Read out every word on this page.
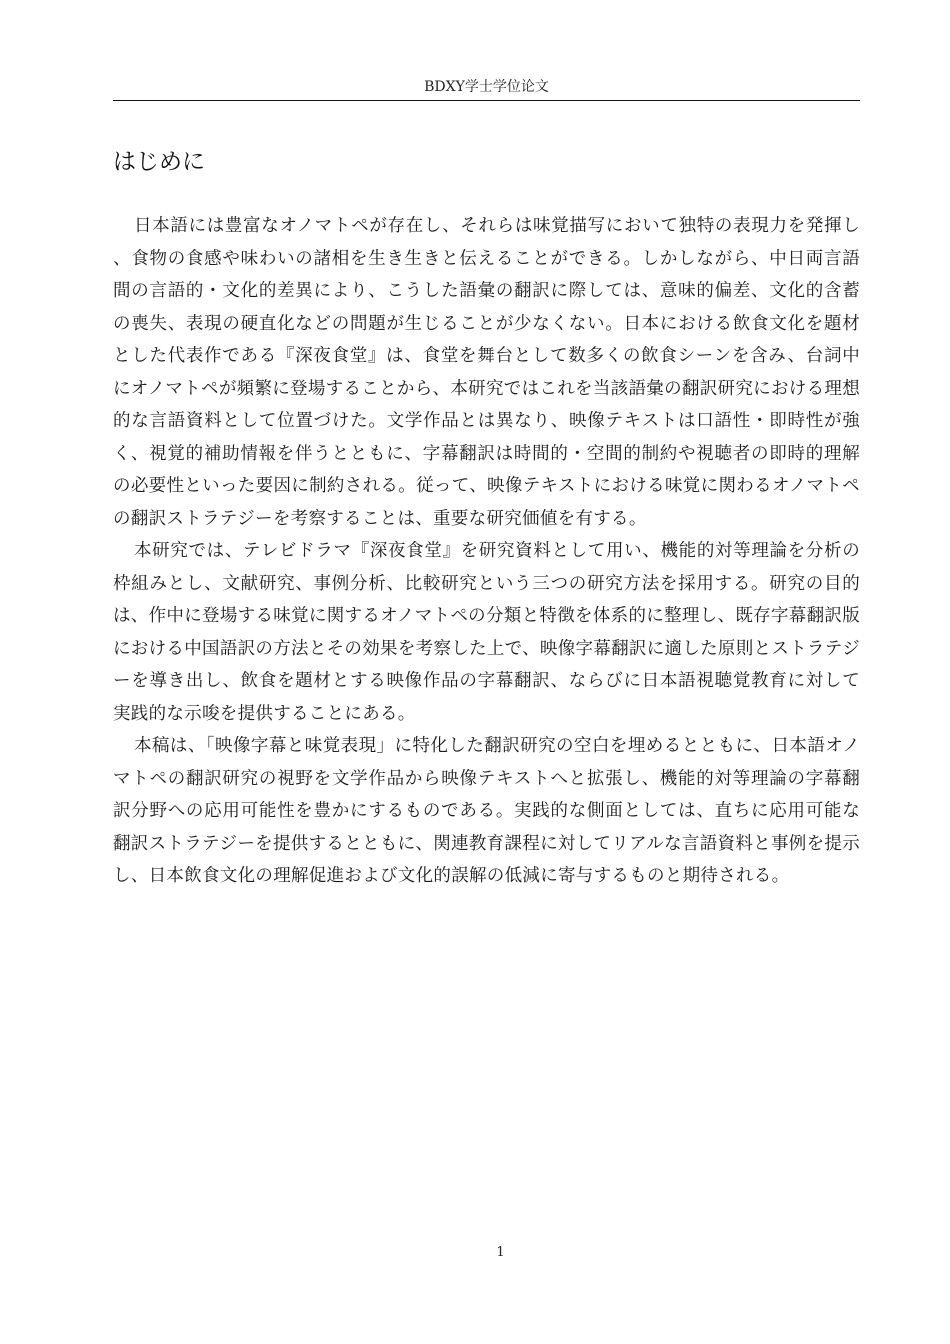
BDXY学士学位论文
はじめに

日本語には豊富なオノマトペが存在し、それらは味覚描写において独特の表現力を発揮し、食物の食感や味わいの諸相を生き生きと伝えることができる。しかしながら、中日両言語間の言語的・文化的差異により、こうした語彙の翻訳に際しては、意味的偏差、文化的含蓄の喪失、表現の硬直化などの問題が生じることが少なくない。日本における飲食文化を題材とした代表作である『深夜食堂』は、食堂を舞台として数多くの飲食シーンを含み、台詞中にオノマトペが頻繁に登場することから、本研究ではこれを当該語彙の翻訳研究における理想的な言語資料として位置づけた。文学作品とは異なり、映像テキストは口語性・即時性が強く、視覚的補助情報を伴うとともに、字幕翻訳は時間的・空間的制約や視聴者の即時的理解の必要性といった要因に制約される。従って、映像テキストにおける味覚に関わるオノマトペの翻訳ストラテジーを考察することは、重要な研究価値を有する。

本研究では、テレビドラマ『深夜食堂』を研究資料として用い、機能的対等理論を分析の枠組みとし、文献研究、事例分析、比較研究という三つの研究方法を採用する。研究の目的は、作中に登場する味覚に関するオノマトペの分類と特徴を体系的に整理し、既存字幕翻訳版における中国語訳の方法とその効果を考察した上で、映像字幕翻訳に適した原則とストラテジーを導き出し、飲食を題材とする映像作品の字幕翻訳、ならびに日本語視聴覚教育に対して実践的な示唆を提供することにある。

本稿は、「映像字幕と味覚表現」に特化した翻訳研究の空白を埋めるとともに、日本語オノマトペの翻訳研究の視野を文学作品から映像テキストへと拡張し、機能的対等理論の字幕翻訳分野への応用可能性を豊かにするものである。実践的な側面としては、直ちに応用可能な翻訳ストラテジーを提供するとともに、関連教育課程に対してリアルな言語資料と事例を提示し、日本飲食文化の理解促進および文化的誤解の低減に寄与するものと期待される。

1
